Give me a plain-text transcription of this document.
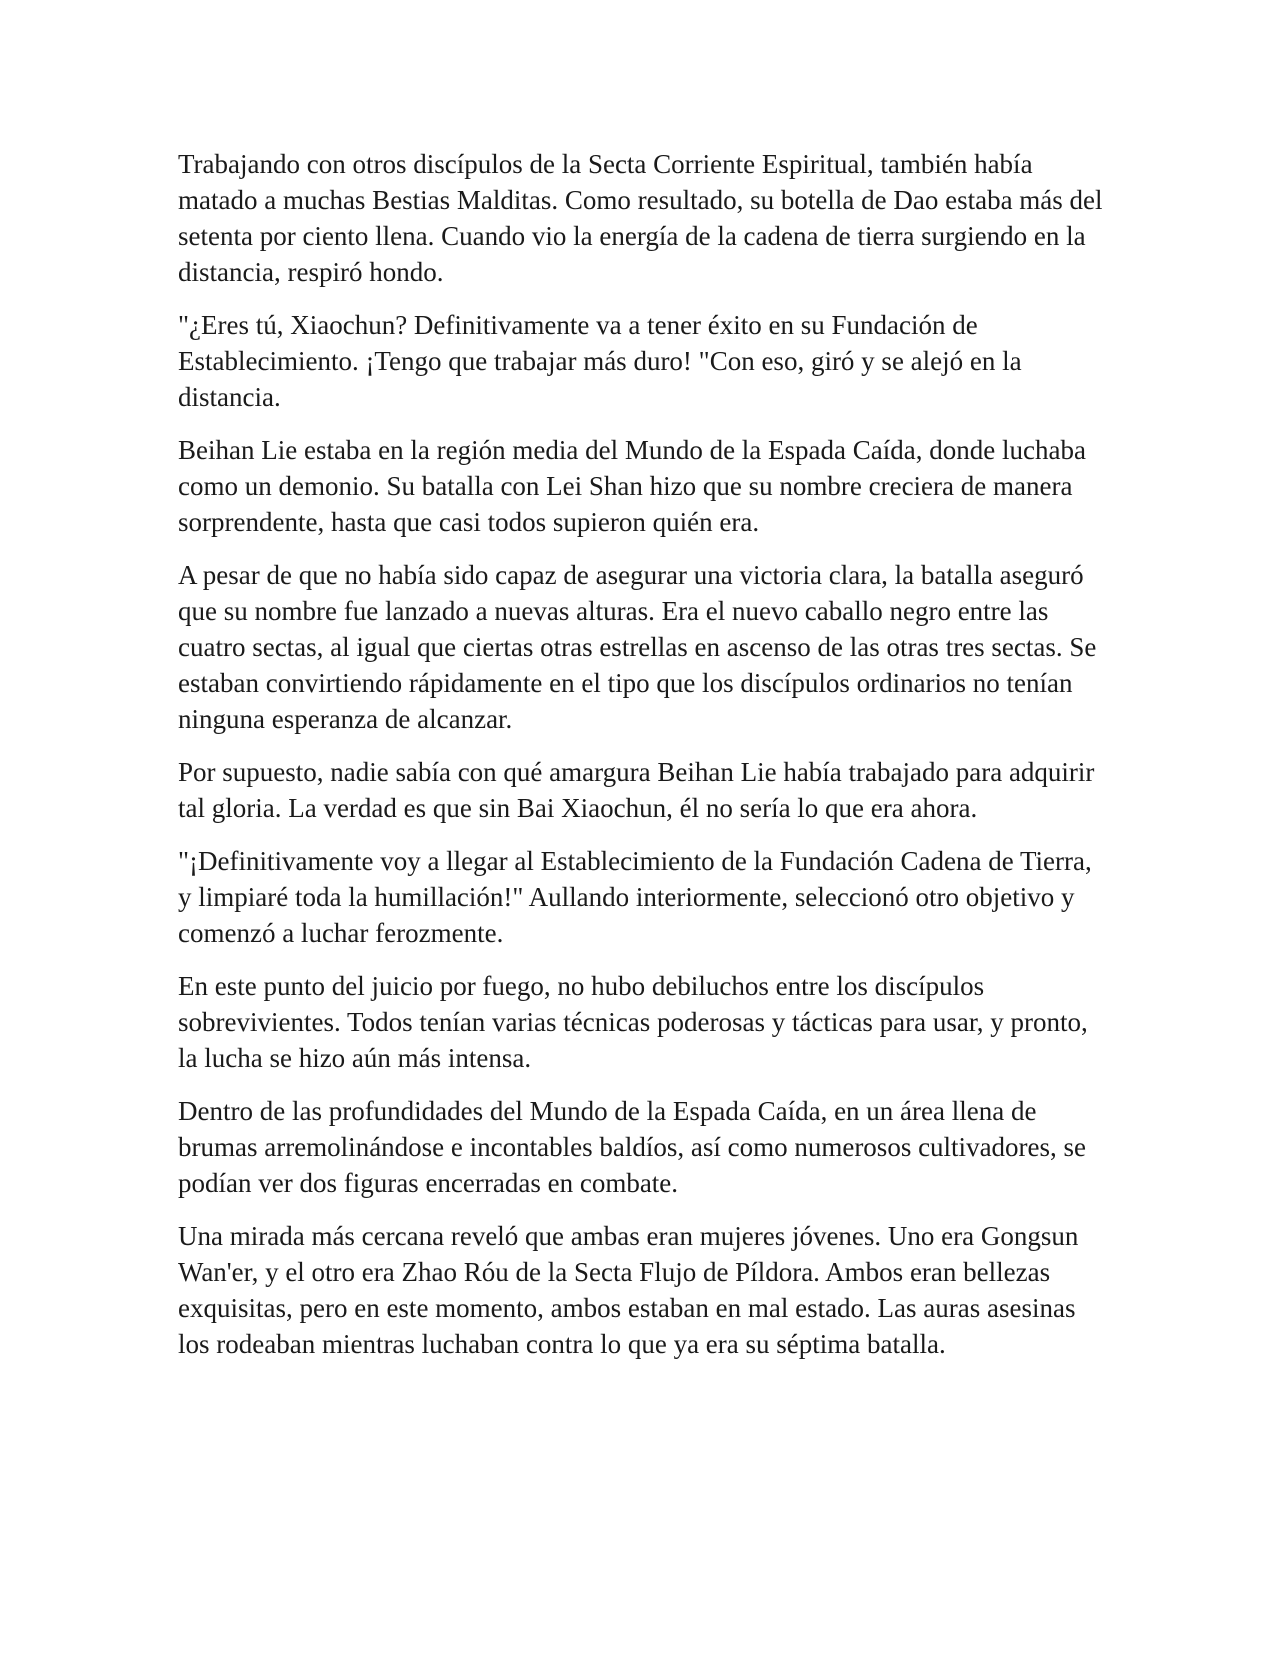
Trabajando con otros discípulos de la Secta Corriente Espiritual, también había matado a muchas Bestias Malditas. Como resultado, su botella de Dao estaba más del setenta por ciento llena. Cuando vio la energía de la cadena de tierra surgiendo en la distancia, respiró hondo.

"¿Eres tú, Xiaochun? Definitivamente va a tener éxito en su Fundación de Establecimiento. ¡Tengo que trabajar más duro! "Con eso, giró y se alejó en la distancia.

Beihan Lie estaba en la región media del Mundo de la Espada Caída, donde luchaba como un demonio. Su batalla con Lei Shan hizo que su nombre creciera de manera sorprendente, hasta que casi todos supieron quién era.

A pesar de que no había sido capaz de asegurar una victoria clara, la batalla aseguró que su nombre fue lanzado a nuevas alturas. Era el nuevo caballo negro entre las cuatro sectas, al igual que ciertas otras estrellas en ascenso de las otras tres sectas. Se estaban convirtiendo rápidamente en el tipo que los discípulos ordinarios no tenían ninguna esperanza de alcanzar.

Por supuesto, nadie sabía con qué amargura Beihan Lie había trabajado para adquirir tal gloria. La verdad es que sin Bai Xiaochun, él no sería lo que era ahora.

"¡Definitivamente voy a llegar al Establecimiento de la Fundación Cadena de Tierra, y limpiaré toda la humillación!" Aullando interiormente, seleccionó otro objetivo y comenzó a luchar ferozmente.

En este punto del juicio por fuego, no hubo debiluchos entre los discípulos sobrevivientes. Todos tenían varias técnicas poderosas y tácticas para usar, y pronto, la lucha se hizo aún más intensa.

Dentro de las profundidades del Mundo de la Espada Caída, en un área llena de brumas arremolinándose e incontables baldíos, así como numerosos cultivadores, se podían ver dos figuras encerradas en combate.

Una mirada más cercana reveló que ambas eran mujeres jóvenes. Uno era Gongsun Wan'er, y el otro era Zhao Róu de la Secta Flujo de Píldora. Ambos eran bellezas exquisitas, pero en este momento, ambos estaban en mal estado. Las auras asesinas los rodeaban mientras luchaban contra lo que ya era su séptima batalla.
